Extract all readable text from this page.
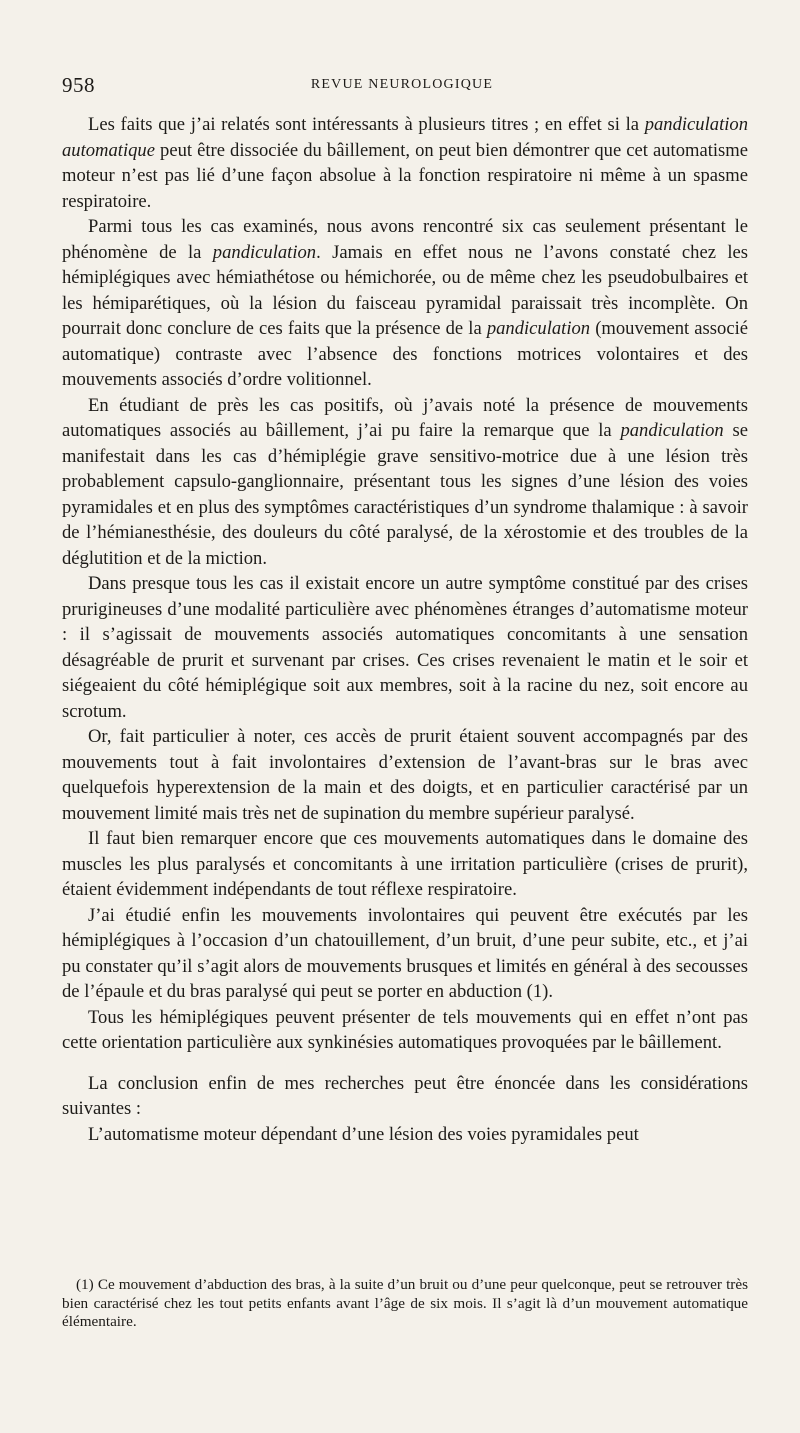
958	REVUE NEUROLOGIQUE

Les faits que j’ai relatés sont intéressants à plusieurs titres ; en effet si la pandiculation automatique peut être dissociée du bâillement, on peut bien démontrer que cet automatisme moteur n’est pas lié d’une façon absolue à la fonction respiratoire ni même à un spasme respiratoire.

Parmi tous les cas examinés, nous avons rencontré six cas seulement présentant le phénomène de la pandiculation. Jamais en effet nous ne l’avons constaté chez les hémiplégiques avec hémiathétose ou hémichorée, ou de même chez les pseudobulbaires et les hémiparétiques, où la lésion du faisceau pyramidal paraissait très incomplète. On pourrait donc conclure de ces faits que la présence de la pandiculation (mouvement associé automatique) contraste avec l’absence des fonctions motrices volontaires et des mouvements associés d’ordre volitionnel.

En étudiant de près les cas positifs, où j’avais noté la présence de mouvements automatiques associés au bâillement, j’ai pu faire la remarque que la pandiculation se manifestait dans les cas d’hémiplégie grave sensitivo-motrice due à une lésion très probablement capsulo-ganglionnaire, présentant tous les signes d’une lésion des voies pyramidales et en plus des symptômes caractéristiques d’un syndrome thalamique : à savoir de l’hémianesthésie, des douleurs du côté paralysé, de la xérostomie et des troubles de la déglutition et de la miction.

Dans presque tous les cas il existait encore un autre symptôme constitué par des crises prurigineuses d’une modalité particulière avec phénomènes étranges d’automatisme moteur : il s’agissait de mouvements associés automatiques concomitants à une sensation désagréable de prurit et survenant par crises. Ces crises revenaient le matin et le soir et siégeaient du côté hémiplégique soit aux membres, soit à la racine du nez, soit encore au scrotum.

Or, fait particulier à noter, ces accès de prurit étaient souvent accompagnés par des mouvements tout à fait involontaires d’extension de l’avant-bras sur le bras avec quelquefois hyperextension de la main et des doigts, et en particulier caractérisé par un mouvement limité mais très net de supination du membre supérieur paralysé.

Il faut bien remarquer encore que ces mouvements automatiques dans le domaine des muscles les plus paralysés et concomitants à une irritation particulière (crises de prurit), étaient évidemment indépendants de tout réflexe respiratoire.

J’ai étudié enfin les mouvements involontaires qui peuvent être exécutés par les hémiplégiques à l’occasion d’un chatouillement, d’un bruit, d’une peur subite, etc., et j’ai pu constater qu’il s’agit alors de mouvements brusques et limités en général à des secousses de l’épaule et du bras paralysé qui peut se porter en abduction (1).

Tous les hémiplégiques peuvent présenter de tels mouvements qui en effet n’ont pas cette orientation particulière aux synkinésies automatiques provoquées par le bâillement.

La conclusion enfin de mes recherches peut être énoncée dans les considérations suivantes :

L’automatisme moteur dépendant d’une lésion des voies pyramidales peut

(1) Ce mouvement d’abduction des bras, à la suite d’un bruit ou d’une peur quelconque, peut se retrouver très bien caractérisé chez les tout petits enfants avant l’âge de six mois. Il s’agit là d’un mouvement automatique élémentaire.
